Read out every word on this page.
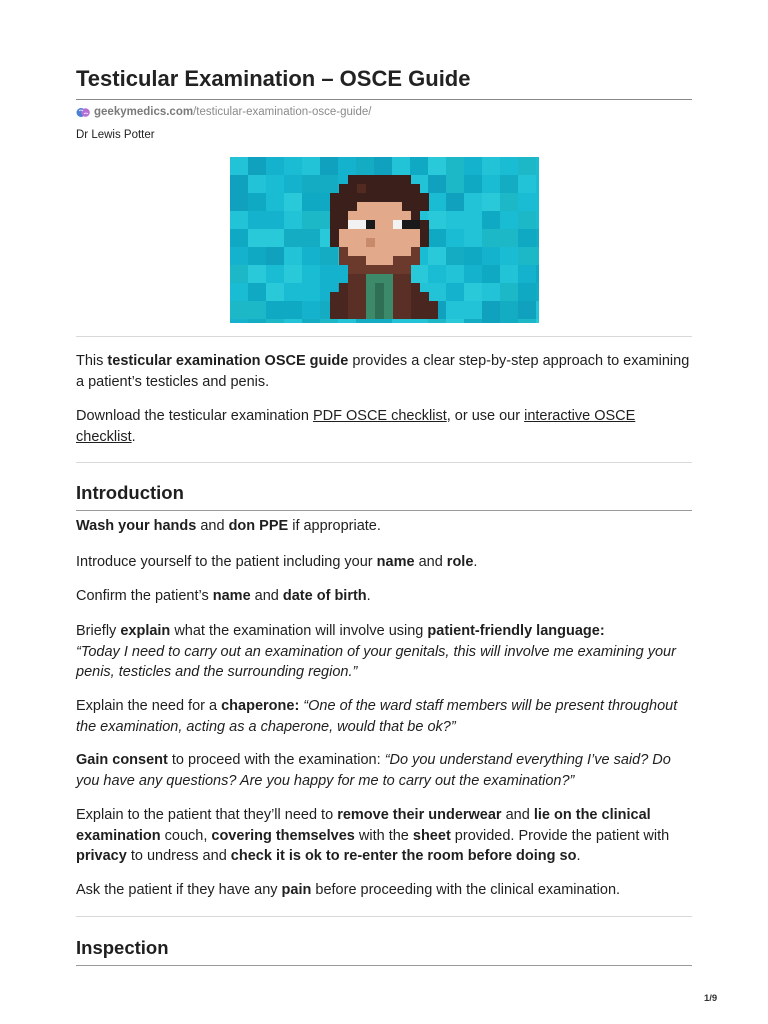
Testicular Examination – OSCE Guide
geekymedics.com /testicular-examination-osce-guide/
Dr Lewis Potter

This testicular examination OSCE guide provides a clear step-by-step approach to examining a patient’s testicles and penis.

Download the testicular examination PDF OSCE checklist, or use our interactive OSCE checklist.

Introduction

Wash your hands and don PPE if appropriate.

Introduce yourself to the patient including your name and role.

Confirm the patient’s name and date of birth.

Briefly explain what the examination will involve using patient-friendly language:
“Today I need to carry out an examination of your genitals, this will involve me examining your penis, testicles and the surrounding region.”

Explain the need for a chaperone: “One of the ward staff members will be present throughout the examination, acting as a chaperone, would that be ok?”

Gain consent to proceed with the examination: “Do you understand everything I’ve said? Do you have any questions? Are you happy for me to carry out the examination?”

Explain to the patient that they’ll need to remove their underwear and lie on the clinical examination couch, covering themselves with the sheet provided. Provide the patient with privacy to undress and check it is ok to re-enter the room before doing so.

Ask the patient if they have any pain before proceeding with the clinical examination.

Inspection
1/9
